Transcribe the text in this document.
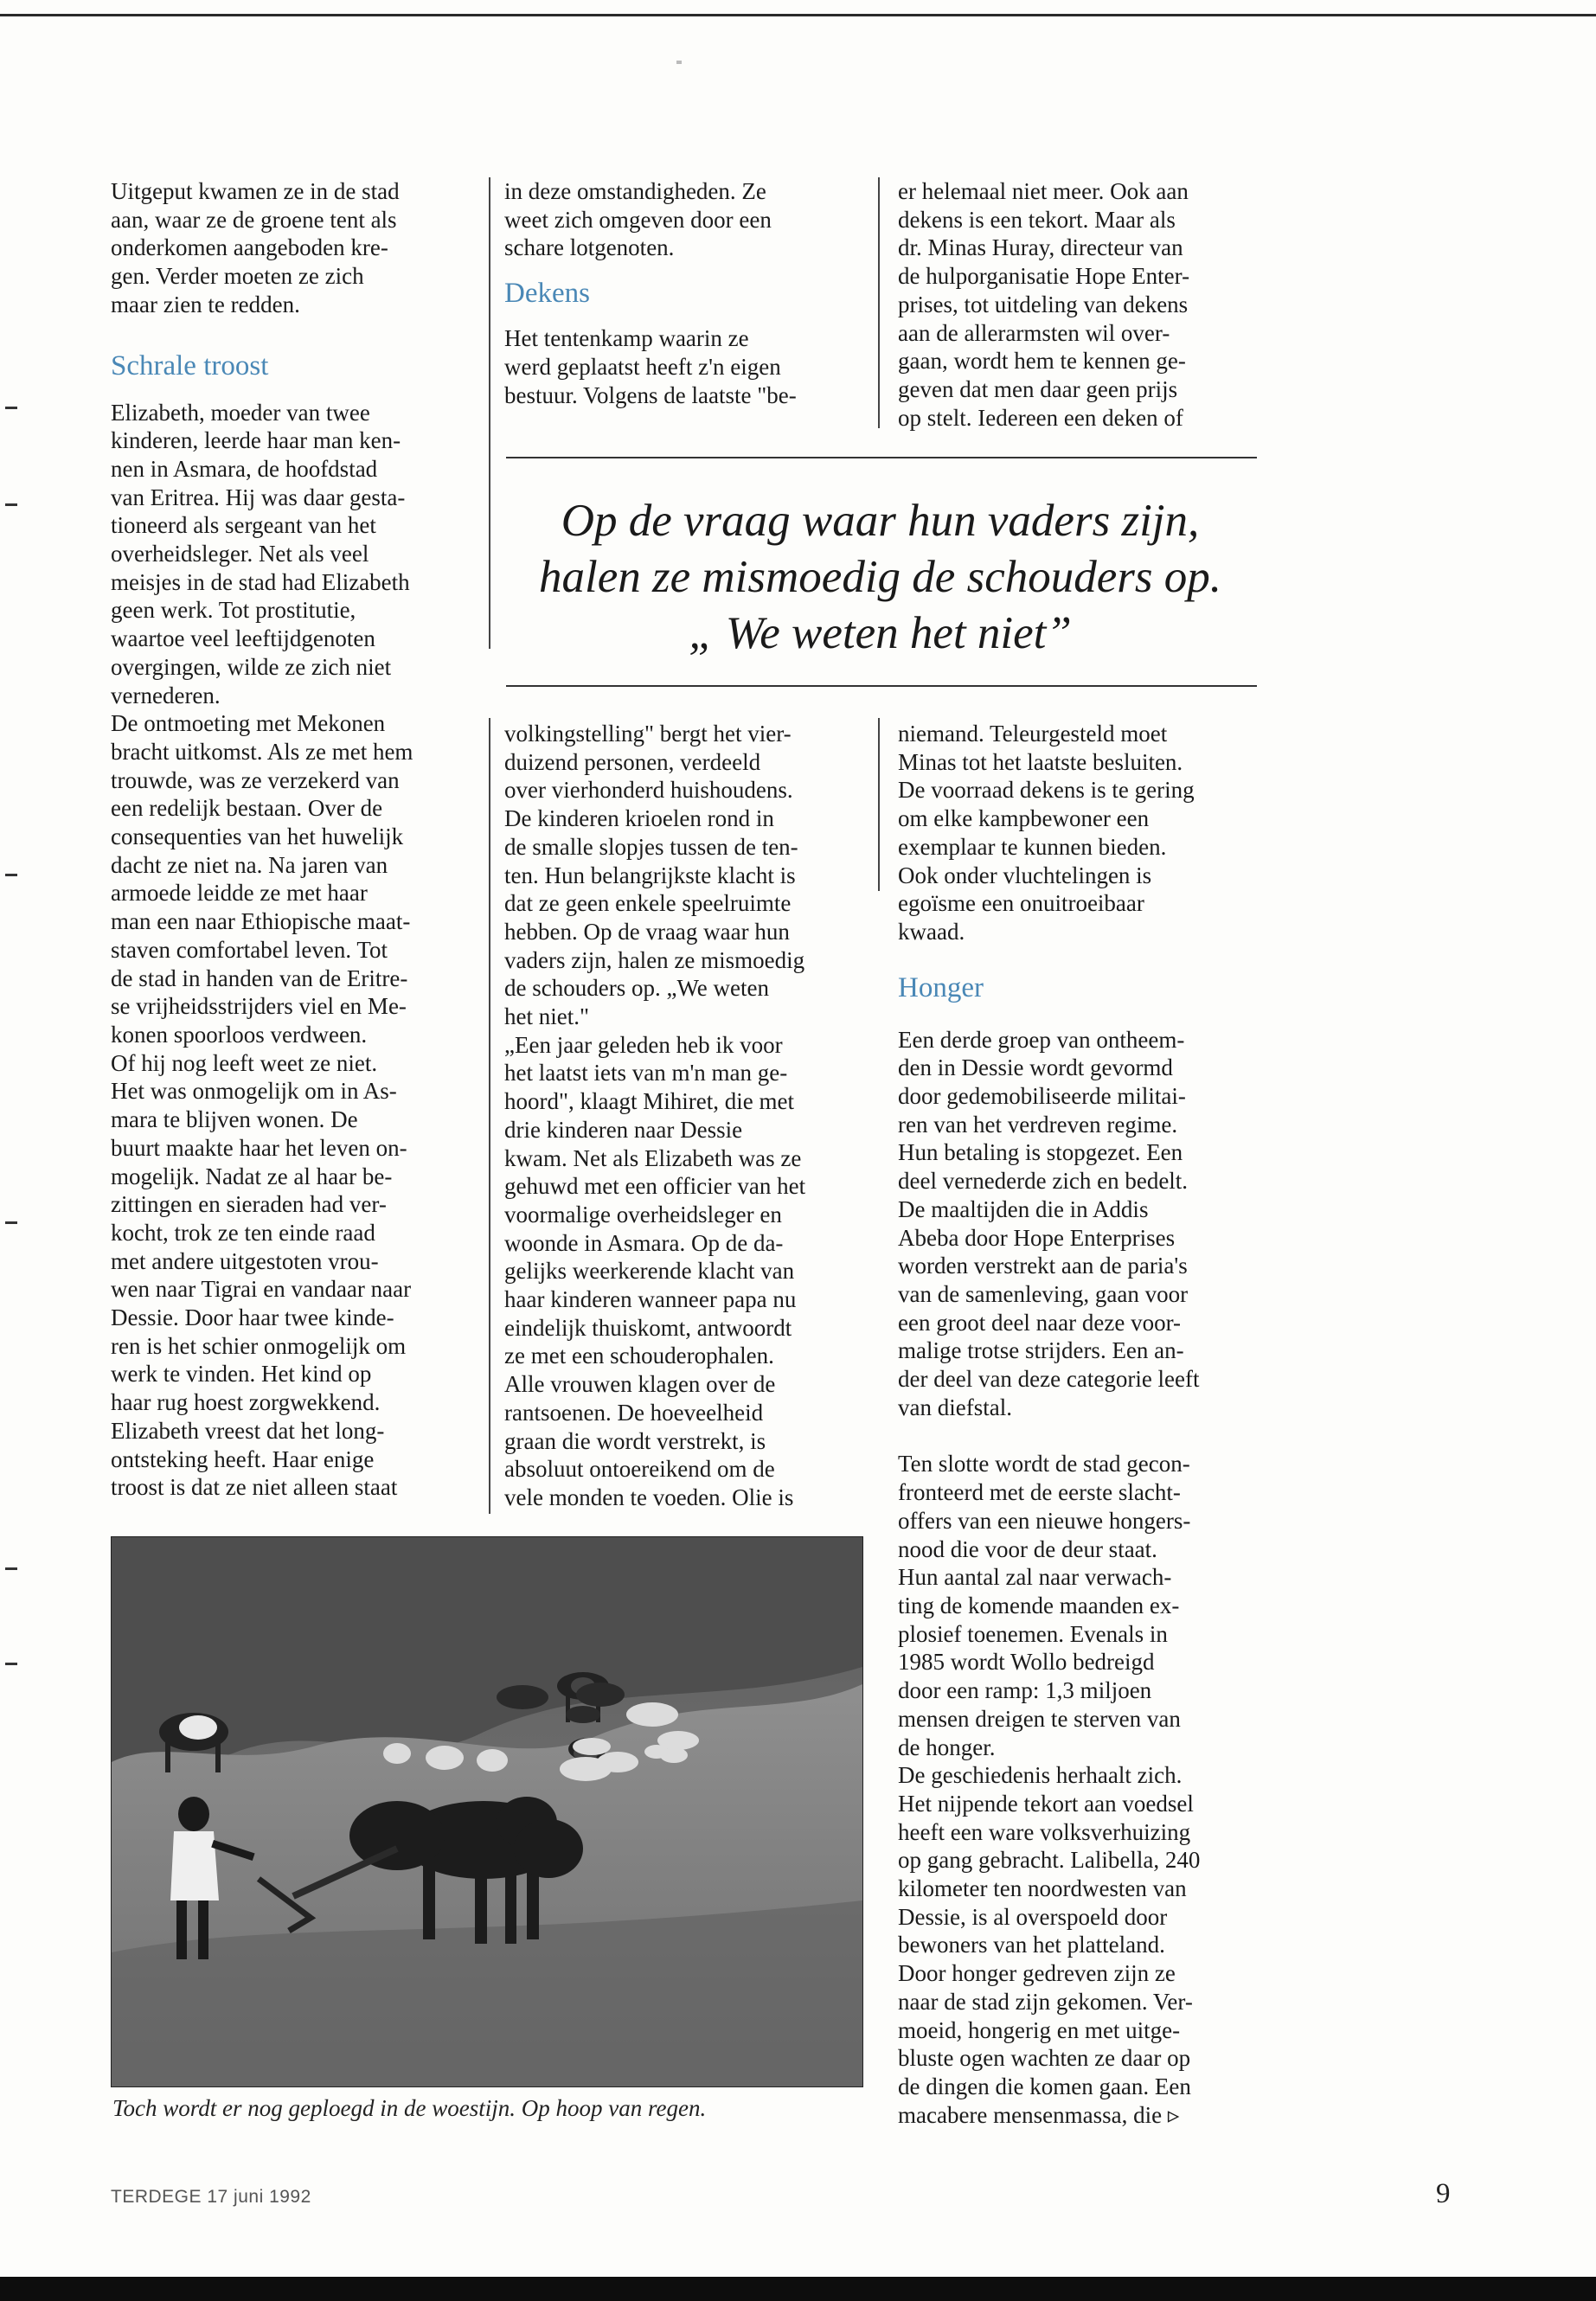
Uitgeput kwamen ze in de stad

aan, waar ze de groene tent als

onderkomen aangeboden kre-

gen. Verder moeten ze zich

maar zien te redden.

Schrale troost

Elizabeth, moeder van twee

kinderen, leerde haar man ken-

nen in Asmara, de hoofdstad

van Eritrea. Hij was daar gesta-

tioneerd als sergeant van het

overheidsleger. Net als veel

meisjes in de stad had Elizabeth

geen werk. Tot prostitutie,

waartoe veel leeftijdgenoten

overgingen, wilde ze zich niet

vernederen.

De ontmoeting met Mekonen

bracht uitkomst. Als ze met hem

trouwde, was ze verzekerd van

een redelijk bestaan. Over de

consequenties van het huwelijk

dacht ze niet na. Na jaren van

armoede leidde ze met haar

man een naar Ethiopische maat-

staven comfortabel leven. Tot

de stad in handen van de Eritre-

se vrijheidsstrijders viel en Me-

konen spoorloos verdween.

Of hij nog leeft weet ze niet.

Het was onmogelijk om in As-

mara te blijven wonen. De

buurt maakte haar het leven on-

mogelijk. Nadat ze al haar be-

zittingen en sieraden had ver-

kocht, trok ze ten einde raad

met andere uitgestoten vrou-

wen naar Tigrai en vandaar naar

Dessie. Door haar twee kinde-

ren is het schier onmogelijk om

werk te vinden. Het kind op

haar rug hoest zorgwekkend.

Elizabeth vreest dat het long-

ontsteking heeft. Haar enige

troost is dat ze niet alleen staat

in deze omstandigheden. Ze

weet zich omgeven door een

schare lotgenoten.

Dekens

Het tentenkamp waarin ze

werd geplaatst heeft z'n eigen

bestuur. Volgens de laatste "be-

volkingstelling" bergt het vier-

duizend personen, verdeeld

over vierhonderd huishoudens.

De kinderen krioelen rond in

de smalle slopjes tussen de ten-

ten. Hun belangrijkste klacht is

dat ze geen enkele speelruimte

hebben. Op de vraag waar hun

vaders zijn, halen ze mismoedig

de schouders op. „We weten

het niet."

„Een jaar geleden heb ik voor

het laatst iets van m'n man ge-

hoord", klaagt Mihiret, die met

drie kinderen naar Dessie

kwam. Net als Elizabeth was ze

gehuwd met een officier van het

voormalige overheidsleger en

woonde in Asmara. Op de da-

gelijks weerkerende klacht van

haar kinderen wanneer papa nu

eindelijk thuiskomt, antwoordt

ze met een schouderophalen.

Alle vrouwen klagen over de

rantsoenen. De hoeveelheid

graan die wordt verstrekt, is

absoluut ontoereikend om de

vele monden te voeden. Olie is

er helemaal niet meer. Ook aan

dekens is een tekort. Maar als

dr. Minas Huray, directeur van

de hulporganisatie Hope Enter-

prises, tot uitdeling van dekens

aan de allerarmsten wil over-

gaan, wordt hem te kennen ge-

geven dat men daar geen prijs

op stelt. Iedereen een deken of

niemand. Teleurgesteld moet

Minas tot het laatste besluiten.

De voorraad dekens is te gering

om elke kampbewoner een

exemplaar te kunnen bieden.

Ook onder vluchtelingen is

egoïsme een onuitroeibaar

kwaad.

Honger

Een derde groep van ontheem-

den in Dessie wordt gevormd

door gedemobiliseerde militai-

ren van het verdreven regime.

Hun betaling is stopgezet. Een

deel vernederde zich en bedelt.

De maaltijden die in Addis

Abeba door Hope Enterprises

worden verstrekt aan de paria's

van de samenleving, gaan voor

een groot deel naar deze voor-

malige trotse strijders. Een an-

der deel van deze categorie leeft

van diefstal.

Ten slotte wordt de stad gecon-

fronteerd met de eerste slacht-

offers van een nieuwe hongers-

nood die voor de deur staat.

Hun aantal zal naar verwach-

ting de komende maanden ex-

plosief toenemen. Evenals in

1985 wordt Wollo bedreigd

door een ramp: 1,3 miljoen

mensen dreigen te sterven van

de honger.

De geschiedenis herhaalt zich.

Het nijpende tekort aan voedsel

heeft een ware volksverhuizing

op gang gebracht. Lalibella, 240

kilometer ten noordwesten van

Dessie, is al overspoeld door

bewoners van het platteland.

Door honger gedreven zijn ze

naar de stad zijn gekomen. Ver-

moeid, hongerig en met uitge-

bluste ogen wachten ze daar op

de dingen die komen gaan. Een

macabere mensenmassa, die ▹

Op de vraag waar hun vaders zijn,
halen ze mismoedig de schouders op.
„ We weten het niet”
Toch wordt er nog geploegd in de woestijn. Op hoop van regen.
TERDEGE 17 juni 1992	9
